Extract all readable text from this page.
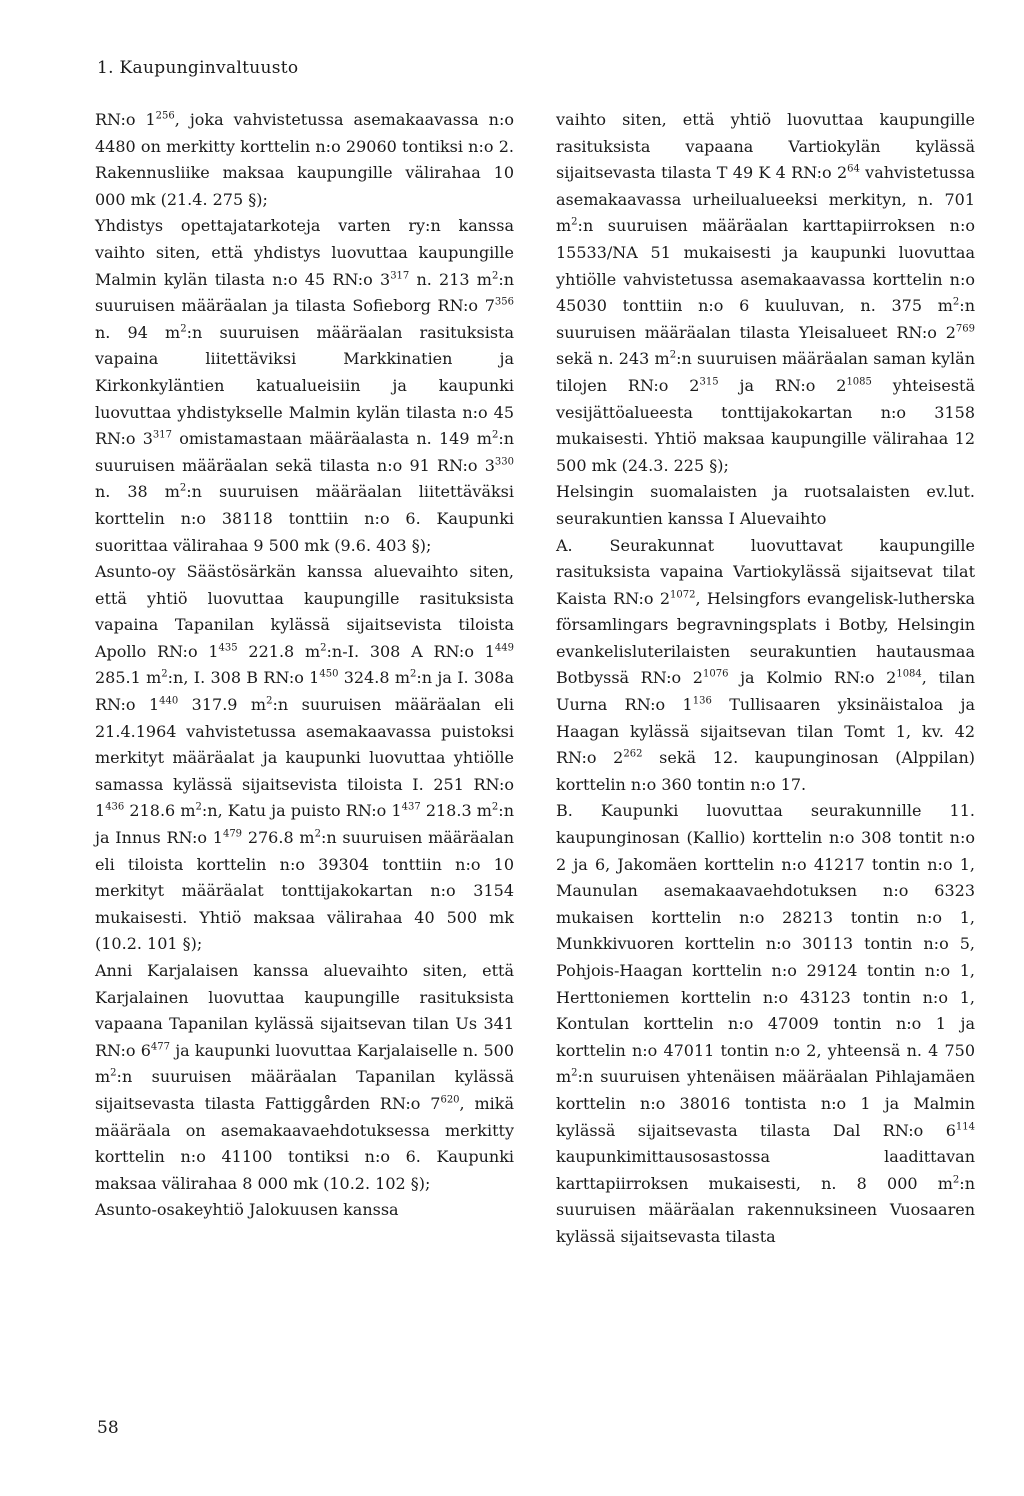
1. Kaupunginvaltuusto

RN:o $1^{256}$, joka vahvistetussa asemakaavassa n:o 4480 on merkitty korttelin n:o 29060 tontiksi n:o 2. Rakennusliike maksaa kaupungille välirahaa 10 000 mk (21.4. 275 §);

Yhdistys opettajatarkoteja varten ry:n kanssa vaihto siten, että yhdistys luovuttaa kaupungille Malmin kylän tilasta n:o 45 RN:o $3^{317}$ n. 213 $m^2:n$ suuruisen määräalan ja tilasta Sofieborg RN:o $7^{356}$ n. 94 $m^2:n$ suuruisen määräalan rasituksista vapaina liitettäviksi Markkinatien ja Kirkonkyläntien katualueisiin ja kaupunki luovuttaa yhdistykselle Malmin kylän tilasta n:o 45 RN:o $3^{317}$ omistamastaan määräalasta n. 149 $m^2:n$ suuruisen määräalan sekä tilasta n:o 91 RN:o $3^{330}$ n. 38 $m^2:n$ suuruisen määräalan liitettäväksi korttelin n:o 38118 tonttiin n:o 6. Kaupunki suorittaa välirahaa 9 500 mk (9.6. 403 §);

Asunto-oy Säästösärkän kanssa aluevaihto siten, että yhtiö luovuttaa kaupungille rasituksista vapaina Tapanilan kylässä sijaitsevista tiloista Apollo RN:o $1^{435}$ 221.8 $m^2:n-I$. 308 A RN:o $1^{449}$ 285.1 $m^2:n$, I. 308 B RN:o $1^{450}$ 324.8 $m^2:n$ ja I. 308a RN:o $1^{440}$ 317.9 $m^2:n$ suuruisen määräalan eli 21.4.1964 vahvistetussa asemakaavassa puistoksi merkityt määräalat ja kaupunki luovuttaa yhtiölle samassa kylässä sijaitsevista tiloista I. 251 RN:o $1^{436}$ 218.6 $m^2:n$, Katu ja puisto RN:o $1^{437}$ 218.3 $m^2:n$ ja Innus RN:o $1^{479}$ 276.8 $m^2:n$ suuruisen määräalan eli tiloista korttelin n:o 39304 tonttiin n:o 10 merkityt määräalat tonttijakokartan n:o 3154 mukaisesti. Yhtiö maksaa välirahaa 40 500 mk (10.2. 101 §);

Anni Karjalaisen kanssa aluevaihto siten, että Karjalainen luovuttaa kaupungille rasituksista vapaana Tapanilan kylässä sijaitsevan tilan Us 341 RN:o $6^{477}$ ja kaupunki luovuttaa Karjalaiselle n. 500 $m^2:n$ suuruisen määräalan Tapanilan kylässä sijaitsevasta tilasta Fattiggården RN:o $7^{620}$, mikä määräala on asemakaavaehdotuksessa merkitty korttelin n:o 41100 tontiksi n:o 6. Kaupunki maksaa välirahaa 8 000 mk (10.2. 102 §);

Asunto-osakeyhtiö Jalokuusen kanssa

vaihto siten, että yhtiö luovuttaa kaupungille rasituksista vapaana Vartiokylän kylässä sijaitsevasta tilasta T 49 K 4 RN:o $2^{64}$ vahvistetussa asemakaavassa urheilualueeksi merkityn, n. 701 $m^2:n$ suuruisen määräalan karttapiirroksen n:o 15533/NA 51 mukaisesti ja kaupunki luovuttaa yhtiölle vahvistetussa asemakaavassa korttelin n:o 45030 tonttiin n:o 6 kuuluvan, n. 375 $m^2:n$ suuruisen määräalan tilasta Yleisalueet RN:o $2^{769}$ sekä n. 243 $m^2:n$ suuruisen määräalan saman kylän tilojen RN:o $2^{315}$ ja RN:o $2^{1085}$ yhteisestä vesijättöalueesta tonttijakokartan n:o 3158 mukaisesti. Yhtiö maksaa kaupungille välirahaa 12 500 mk (24.3. 225 §);

Helsingin suomalaisten ja ruotsalaisten ev.lut. seurakuntien kanssa I Aluevaihto

A. Seurakunnat luovuttavat kaupungille rasituksista vapaina Vartiokylässä sijaitsevat tilat Kaista RN:o $2^{1072}$, Helsingfors evangelisk-lutherska församlingars begravningsplats i Botby, Helsingin evankelisluterilaisten seurakuntien hautausmaa Botbyssä RN:o $2^{1076}$ ja Kolmio RN:o $2^{1084}$, tilan Uurna RN:o $1^{136}$ Tullisaaren yksinäistaloa ja Haagan kylässä sijaitsevan tilan Tomt 1, kv. 42 RN:o $2^{262}$ sekä 12. kaupunginosan (Alppilan) korttelin n:o 360 tontin n:o 17.

B. Kaupunki luovuttaa seurakunnille 11. kaupunginosan (Kallio) korttelin n:o 308 tontit n:o 2 ja 6, Jakomäen korttelin n:o 41217 tontin n:o 1, Maunulan asemakaavaehdotuksen n:o 6323 mukaisen korttelin n:o 28213 tontin n:o 1, Munkkivuoren korttelin n:o 30113 tontin n:o 5, Pohjois-Haagan korttelin n:o 29124 tontin n:o 1, Herttoniemen korttelin n:o 43123 tontin n:o 1, Kontulan korttelin n:o 47009 tontin n:o 1 ja korttelin n:o 47011 tontin n:o 2, yhteensä n. 4 750 $m^2:n$ suuruisen yhtenäisen määräalan Pihlajamäen korttelin n:o 38016 tontista n:o 1 ja Malmin kylässä sijaitsevasta tilasta Dal RN:o $6^{114}$ kaupunkimittausosastossa laadittavan karttapiirroksen mukaisesti, n. 8 000 $m^2:n$ suuruisen määräalan rakennuksineen Vuosaaren kylässä sijaitsevasta tilasta

58
